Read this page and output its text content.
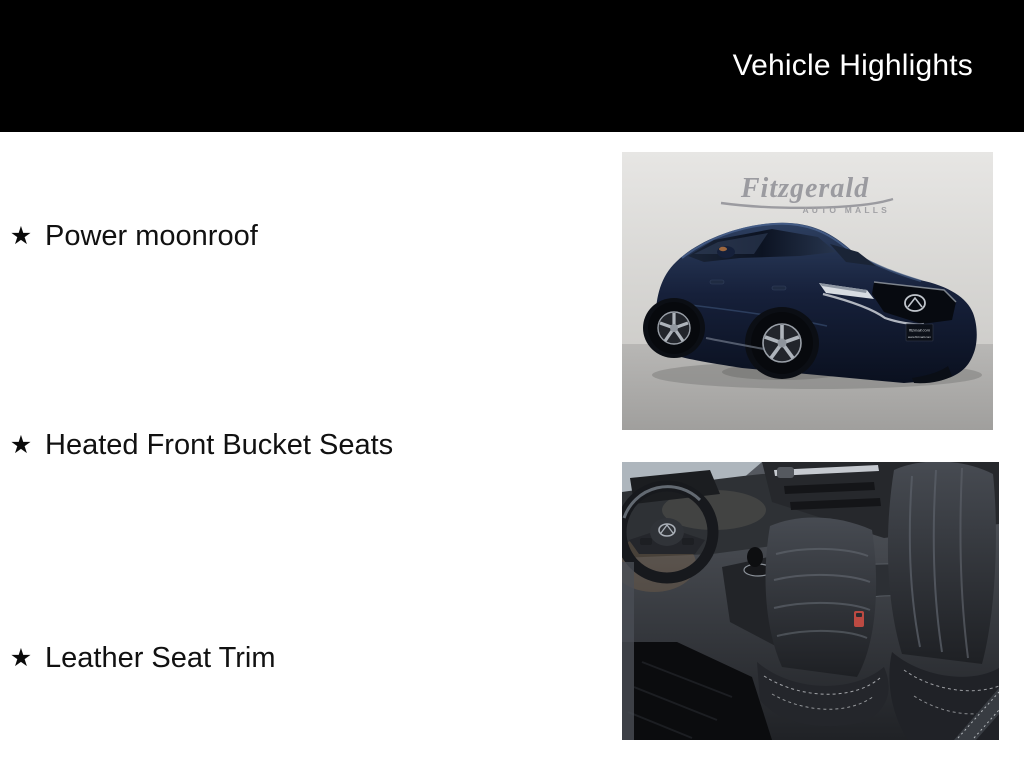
Vehicle Highlights
★ Power moonroof
★ Heated Front Bucket Seats
★ Leather Seat Trim
Fitzgerald
AUTO MALLS
fitzmall.com
www.fitzmall.com
